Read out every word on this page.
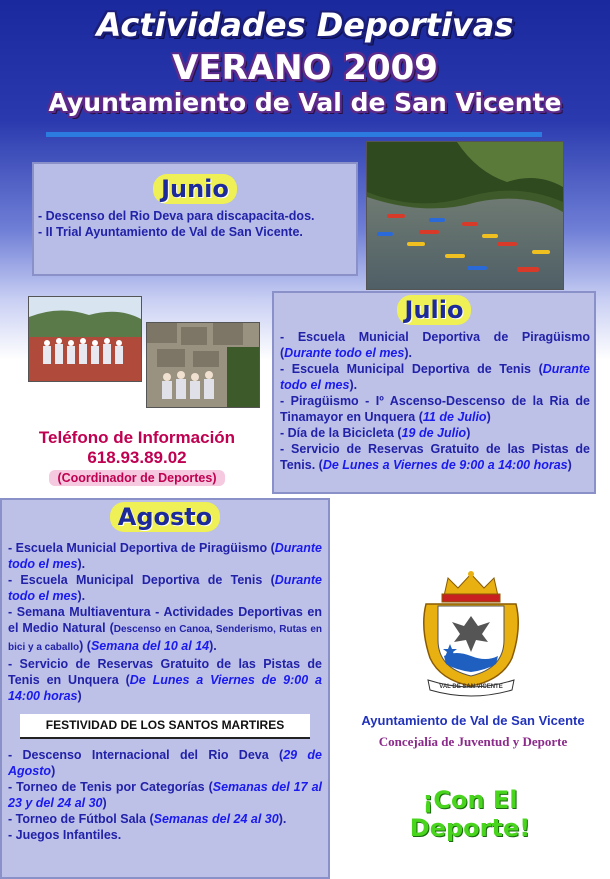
Actividades Deportivas
VERANO 2009
Ayuntamiento de Val de San Vicente
Junio
- Descenso del Rio Deva para discapacita-dos.
- II Trial Ayuntamiento de Val de San Vicente.
Julio
- Escuela Municial Deportiva de Piragüismo (Durante todo el mes).
- Escuela Municipal Deportiva de Tenis (Durante todo el mes).
- Piragüismo - Iº Ascenso-Descenso de la Ria de Tinamayor en Unquera (11 de Julio)
- Día de la Bicicleta (19 de Julio)
- Servicio de Reservas Gratuito de las Pistas de Tenis. (De Lunes a Viernes de 9:00 a 14:00 horas)
Teléfono de Información
618.93.89.02
(Coordinador de Deportes)
Agosto
- Escuela Municial Deportiva de Piragüismo (Durante todo el mes).
- Escuela Municipal Deportiva de Tenis (Durante todo el mes).
- Semana Multiaventura - Actividades Deportivas en el Medio Natural (Descenso en Canoa, Senderismo, Rutas en bici y a caballo) (Semana del 10 al 14).
- Servicio de Reservas Gratuito de las Pistas de Tenis en Unquera (De Lunes a Viernes de 9:00 a 14:00 horas)
FESTIVIDAD DE LOS SANTOS MARTIRES
- Descenso Internacional del Rio Deva (29 de Agosto)
- Torneo de Tenis por Categorías (Semanas del 17 al 23 y del 24 al 30)
- Torneo de Fútbol Sala (Semanas del 24 al 30).
- Juegos Infantiles.
VAL DE SAN VICENTE
Ayuntamiento de Val de San Vicente
Concejalía de Juventud y Deporte
¡Con El Deporte!
